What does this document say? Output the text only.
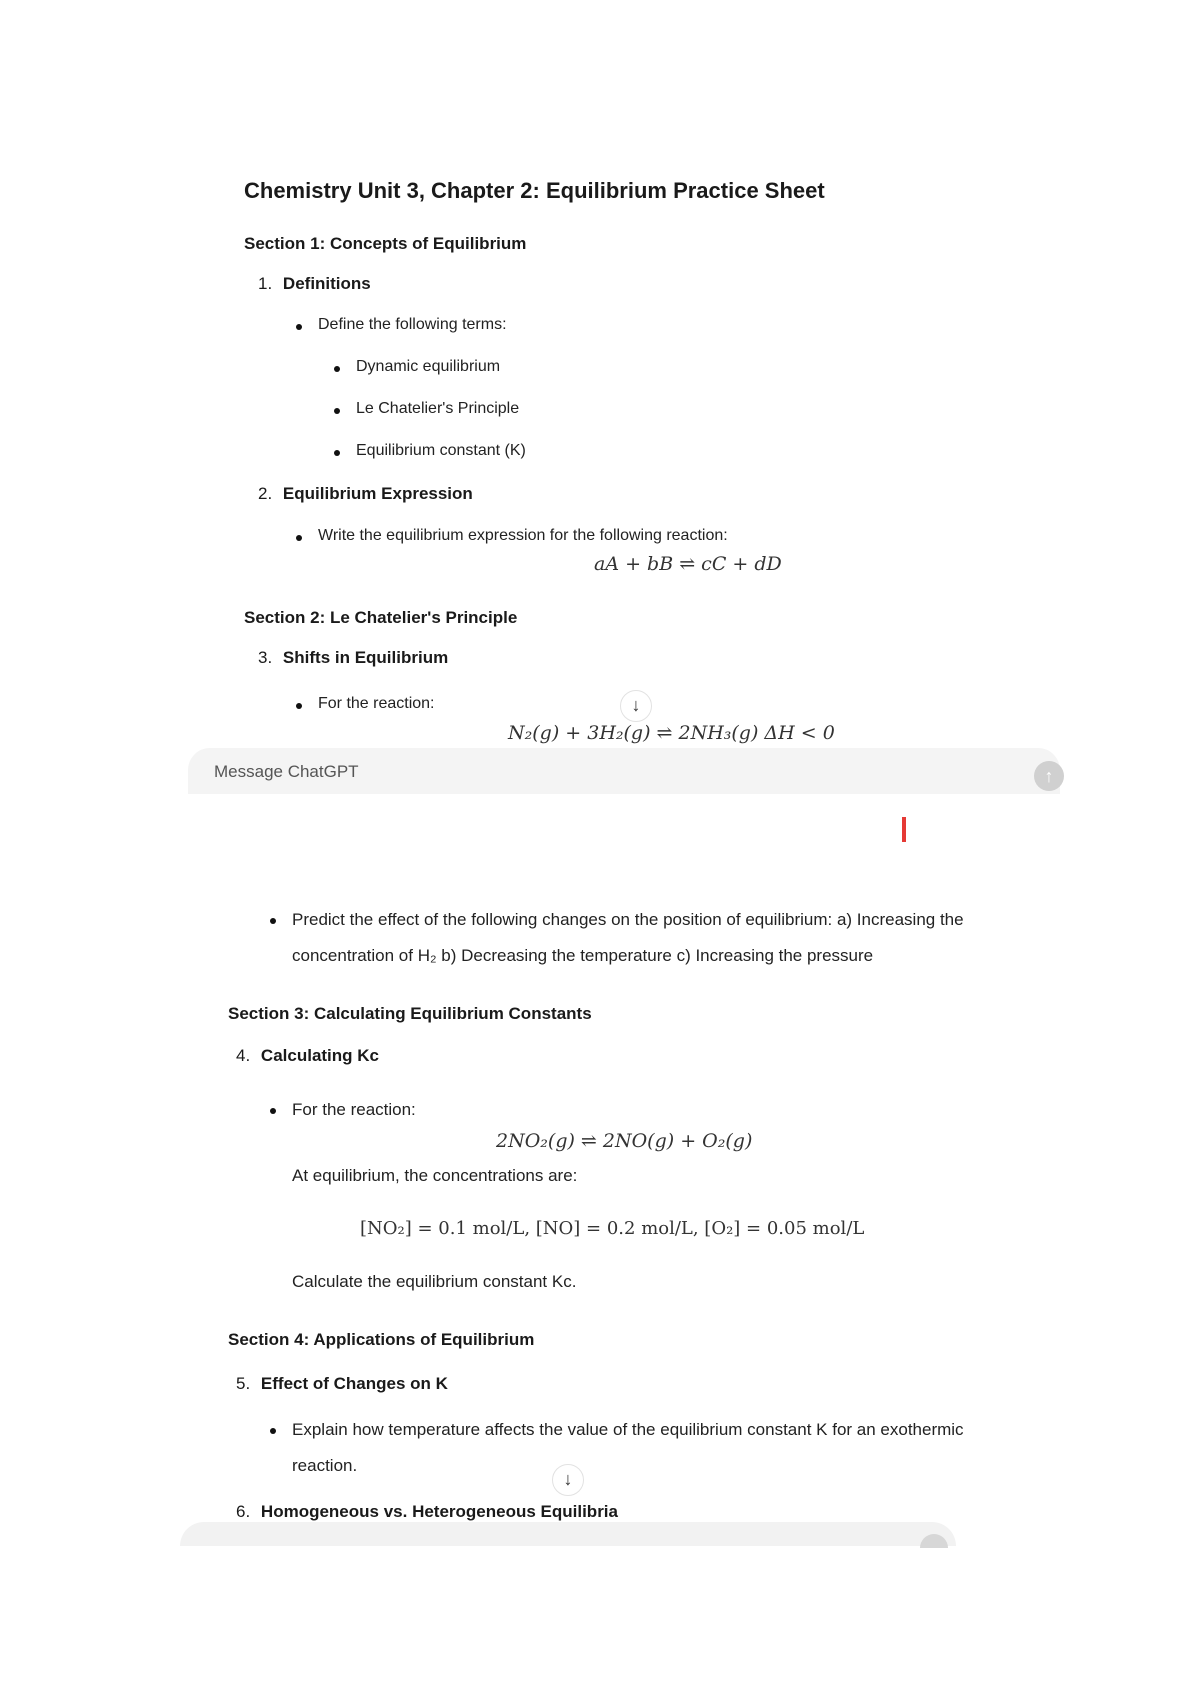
Chemistry Unit 3, Chapter 2: Equilibrium Practice Sheet
Section 1: Concepts of Equilibrium
1. Definitions
Define the following terms:
Dynamic equilibrium
Le Chatelier's Principle
Equilibrium constant (K)
2. Equilibrium Expression
Write the equilibrium expression for the following reaction:
aA + bB ⇌ cC + dD
Section 2: Le Chatelier's Principle
3. Shifts in Equilibrium
For the reaction:	↓
N₂(g) + 3H₂(g) ⇌ 2NH₃(g) ΔH < 0
Message ChatGPT	↑
Predict the effect of the following changes on the position of equilibrium: a) Increasing the
concentration of H₂ b) Decreasing the temperature c) Increasing the pressure
Section 3: Calculating Equilibrium Constants
4. Calculating Kc
For the reaction:
2NO₂(g) ⇌ 2NO(g) + O₂(g)
At equilibrium, the concentrations are:
[NO₂] = 0.1 mol/L, [NO] = 0.2 mol/L, [O₂] = 0.05 mol/L
Calculate the equilibrium constant Kc.
Section 4: Applications of Equilibrium
5. Effect of Changes on K
Explain how temperature affects the value of the equilibrium constant K for an exothermic
reaction.
↓
6. Homogeneous vs. Heterogeneous Equilibria
